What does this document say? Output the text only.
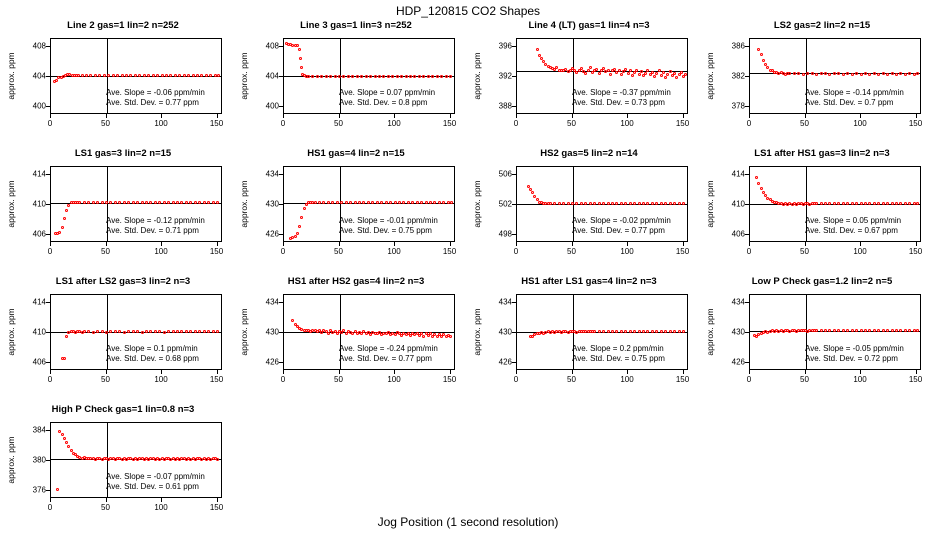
HDP_120815 CO2 Shapes
Line 2 gas=1 lin=2 n=252
approx. ppm	Ave. Slope = -0.06 ppm/min
Ave. Std. Dev. = 0.77 ppm
400
404
408
0	50	100	150
Line 3 gas=1 lin=3 n=252
approx. ppm	Ave. Slope = 0.07 ppm/min
Ave. Std. Dev. = 0.8 ppm
400
404
408
0	50	100	150
Line 4 (LT) gas=1 lin=4 n=3
approx. ppm	Ave. Slope = -0.37 ppm/min
Ave. Std. Dev. = 0.73 ppm
388
392
396
0	50	100	150
LS2 gas=2 lin=2 n=15
approx. ppm	Ave. Slope = -0.14 ppm/min
Ave. Std. Dev. = 0.7 ppm
378
382
386
0	50	100	150
LS1 gas=3 lin=2 n=15
approx. ppm	Ave. Slope = -0.12 ppm/min
Ave. Std. Dev. = 0.71 ppm
406
410
414
0	50	100	150
HS1 gas=4 lin=2 n=15
approx. ppm	Ave. Slope = -0.01 ppm/min
Ave. Std. Dev. = 0.75 ppm
426
430
434
0	50	100	150
HS2 gas=5 lin=2 n=14
approx. ppm	Ave. Slope = -0.02 ppm/min
Ave. Std. Dev. = 0.77 ppm
498
502
506
0	50	100	150
LS1 after HS1 gas=3 lin=2 n=3
approx. ppm	Ave. Slope = 0.05 ppm/min
Ave. Std. Dev. = 0.67 ppm
406
410
414
0	50	100	150
LS1 after LS2 gas=3 lin=2 n=3
approx. ppm	Ave. Slope = 0.1 ppm/min
Ave. Std. Dev. = 0.68 ppm
406
410
414
0	50	100	150
HS1 after HS2 gas=4 lin=2 n=3
approx. ppm	Ave. Slope = -0.24 ppm/min
Ave. Std. Dev. = 0.77 ppm
426
430
434
0	50	100	150
HS1 after LS1 gas=4 lin=2 n=3
approx. ppm	Ave. Slope = 0.2 ppm/min
Ave. Std. Dev. = 0.75 ppm
426
430
434
0	50	100	150
Low P Check gas=1.2 lin=2 n=5
approx. ppm	Ave. Slope = -0.05 ppm/min
Ave. Std. Dev. = 0.72 ppm
426
430
434
0	50	100	150
High P Check gas=1 lin=0.8 n=3
approx. ppm	Ave. Slope = -0.07 ppm/min
Ave. Std. Dev. = 0.61 ppm
376
380
384
0	50	100	150
Jog Position (1 second resolution)
